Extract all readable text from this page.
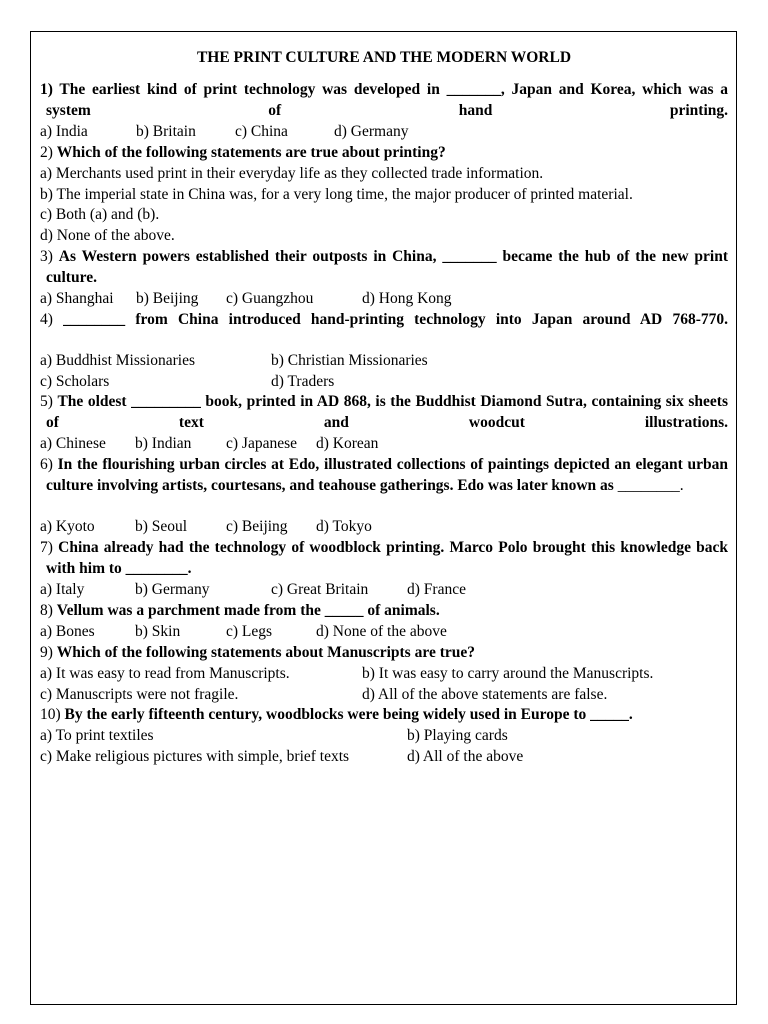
THE PRINT CULTURE AND THE MODERN WORLD
1) The earliest kind of print technology was developed in _______, Japan and Korea, which was a system of hand printing.
a) India	b) Britain	c) China	d) Germany
2) Which of the following statements are true about printing?
a) Merchants used print in their everyday life as they collected trade information.
b) The imperial state in China was, for a very long time, the major producer of printed material.
c) Both (a) and (b).
d) None of the above.
3) As Western powers established their outposts in China, _______ became the hub of the new print culture.
a) Shanghai b) Beijing c) Guangzhou	d) Hong Kong
4) ________ from China introduced hand-printing technology into Japan around AD 768-770.
a) Buddhist Missionaries	b) Christian Missionaries
c) Scholars	d) Traders
5) The oldest _________ book, printed in AD 868, is the Buddhist Diamond Sutra, containing six sheets of text and woodcut illustrations.
a) Chinese b) Indian c) Japanese d) Korean
6) In the flourishing urban circles at Edo, illustrated collections of paintings depicted an elegant urban culture involving artists, courtesans, and teahouse gatherings. Edo was later known as ________.
a) Kyoto	b) Seoul	c) Beijing d) Tokyo
7) China already had the technology of woodblock printing. Marco Polo brought this knowledge back with him to ________.
a) Italy	b) Germany	c) Great Britain d) France
8) Vellum was a parchment made from the _____ of animals.
a) Bones	b) Skin	c) Legs	d) None of the above
9) Which of the following statements about Manuscripts are true?
a) It was easy to read from Manuscripts.	b) It was easy to carry around the Manuscripts.
c) Manuscripts were not fragile.	d) All of the above statements are false.
10) By the early fifteenth century, woodblocks were being widely used in Europe to _____.
a) To print textiles	b) Playing cards
c) Make religious pictures with simple, brief texts	d) All of the above
